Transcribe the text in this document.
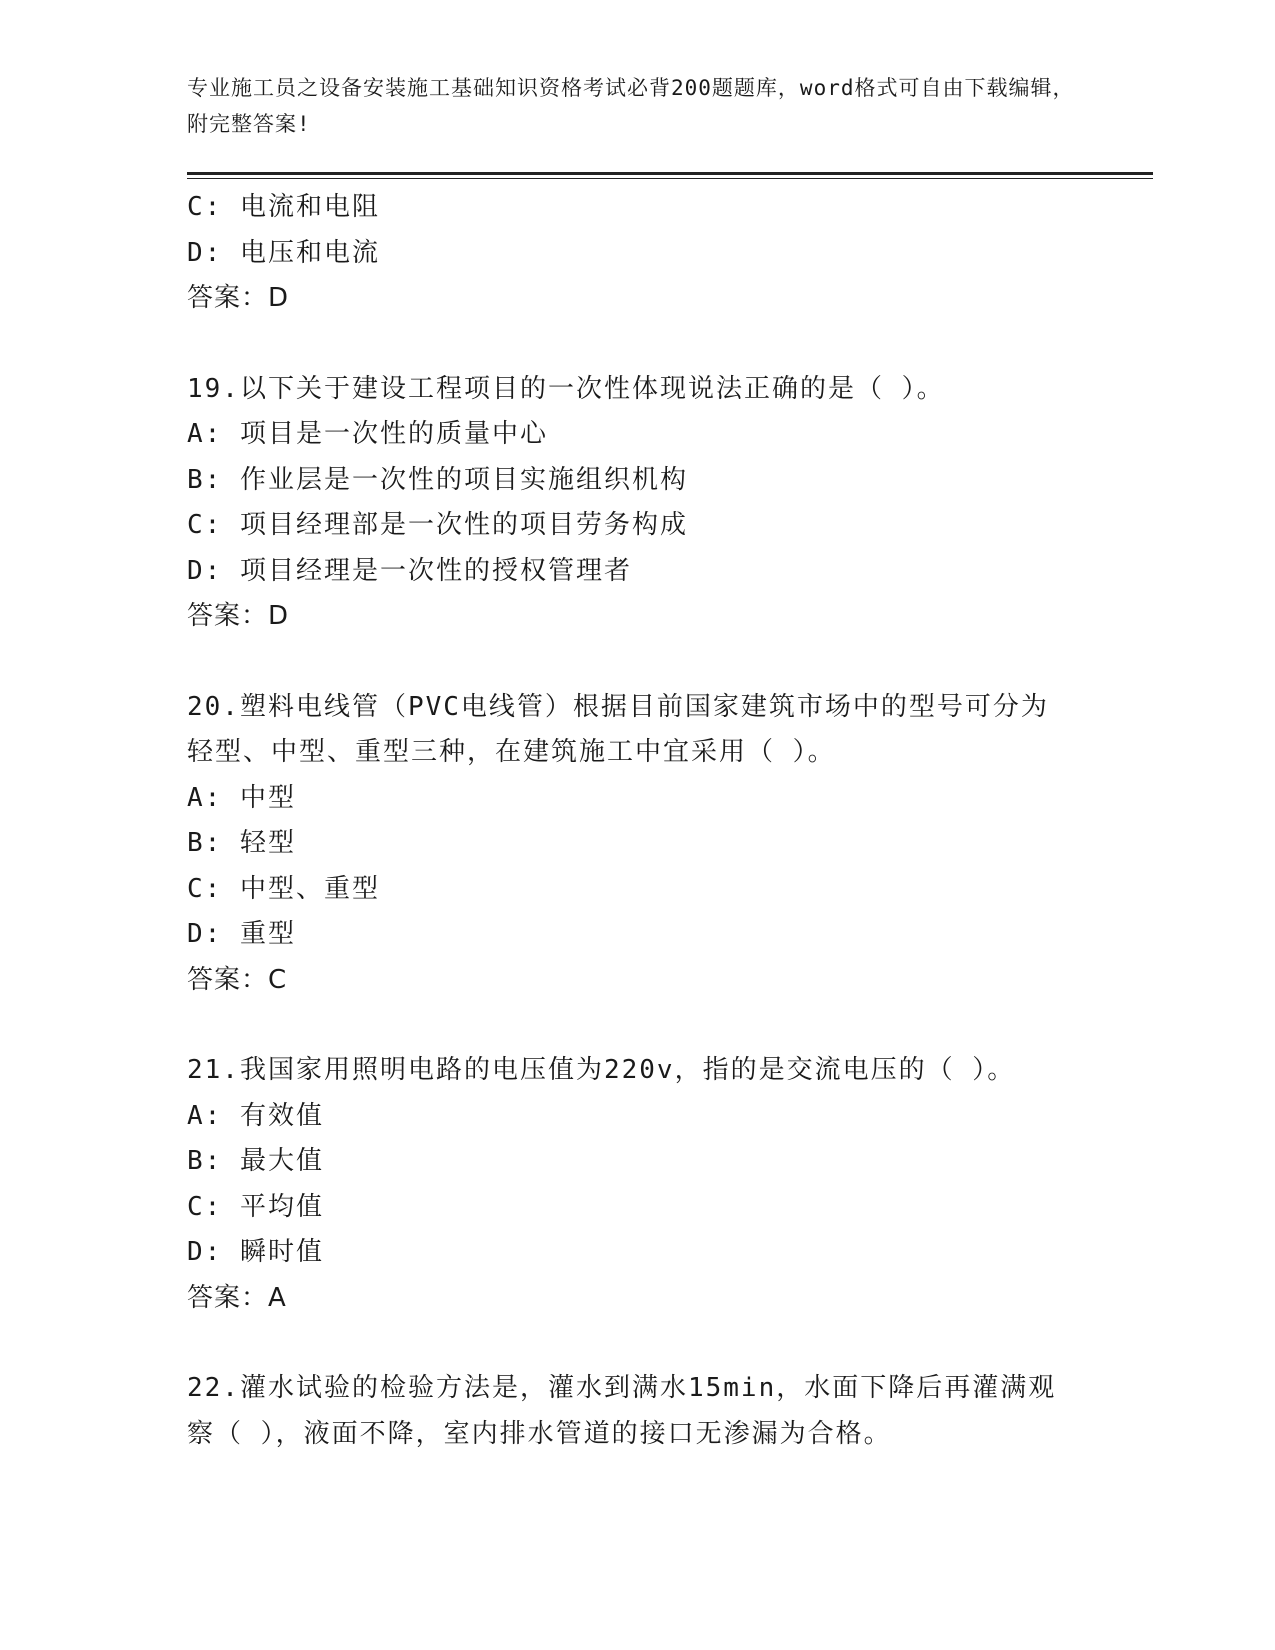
专业施工员之设备安装施工基础知识资格考试必背200题题库，word格式可自由下载编辑，附完整答案!
C: 电流和电阻
D: 电压和电流
答案：D
19.以下关于建设工程项目的一次性体现说法正确的是（ ）。
A: 项目是一次性的质量中心
B: 作业层是一次性的项目实施组织机构
C: 项目经理部是一次性的项目劳务构成
D: 项目经理是一次性的授权管理者
答案：D
20.塑料电线管（PVC电线管）根据目前国家建筑市场中的型号可分为轻型、中型、重型三种，在建筑施工中宜采用（ ）。
A: 中型
B: 轻型
C: 中型、重型
D: 重型
答案：C
21.我国家用照明电路的电压值为220v，指的是交流电压的（ ）。
A: 有效值
B: 最大值
C: 平均值
D: 瞬时值
答案：A
22.灌水试验的检验方法是，灌水到满水15min，水面下降后再灌满观察（ ），液面不降，室内排水管道的接口无渗漏为合格。
